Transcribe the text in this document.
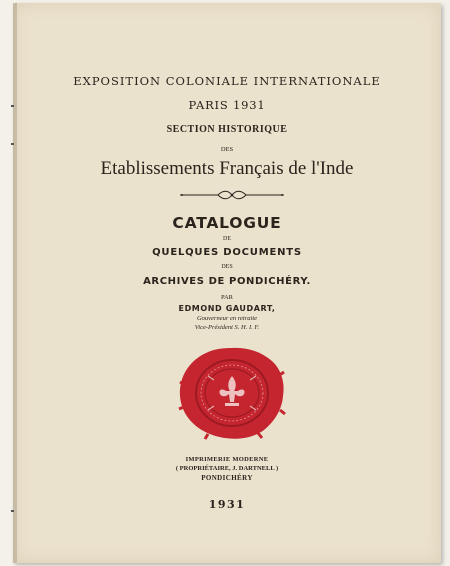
EXPOSITION COLONIALE INTERNATIONALE
PARIS 1931
SECTION HISTORIQUE
DES
Etablissements Français de l'Inde
CATALOGUE
DE
QUELQUES DOCUMENTS
DES
ARCHIVES DE PONDICHÉRY.
PAR
EDMOND GAUDART,
Gouverneur en retraite
Vice-Président S. H. I. F.
IMPRIMERIE MODERNE
( PROPRIÉTAIRE, J. DARTNELL )
PONDICHÉRY
1931
